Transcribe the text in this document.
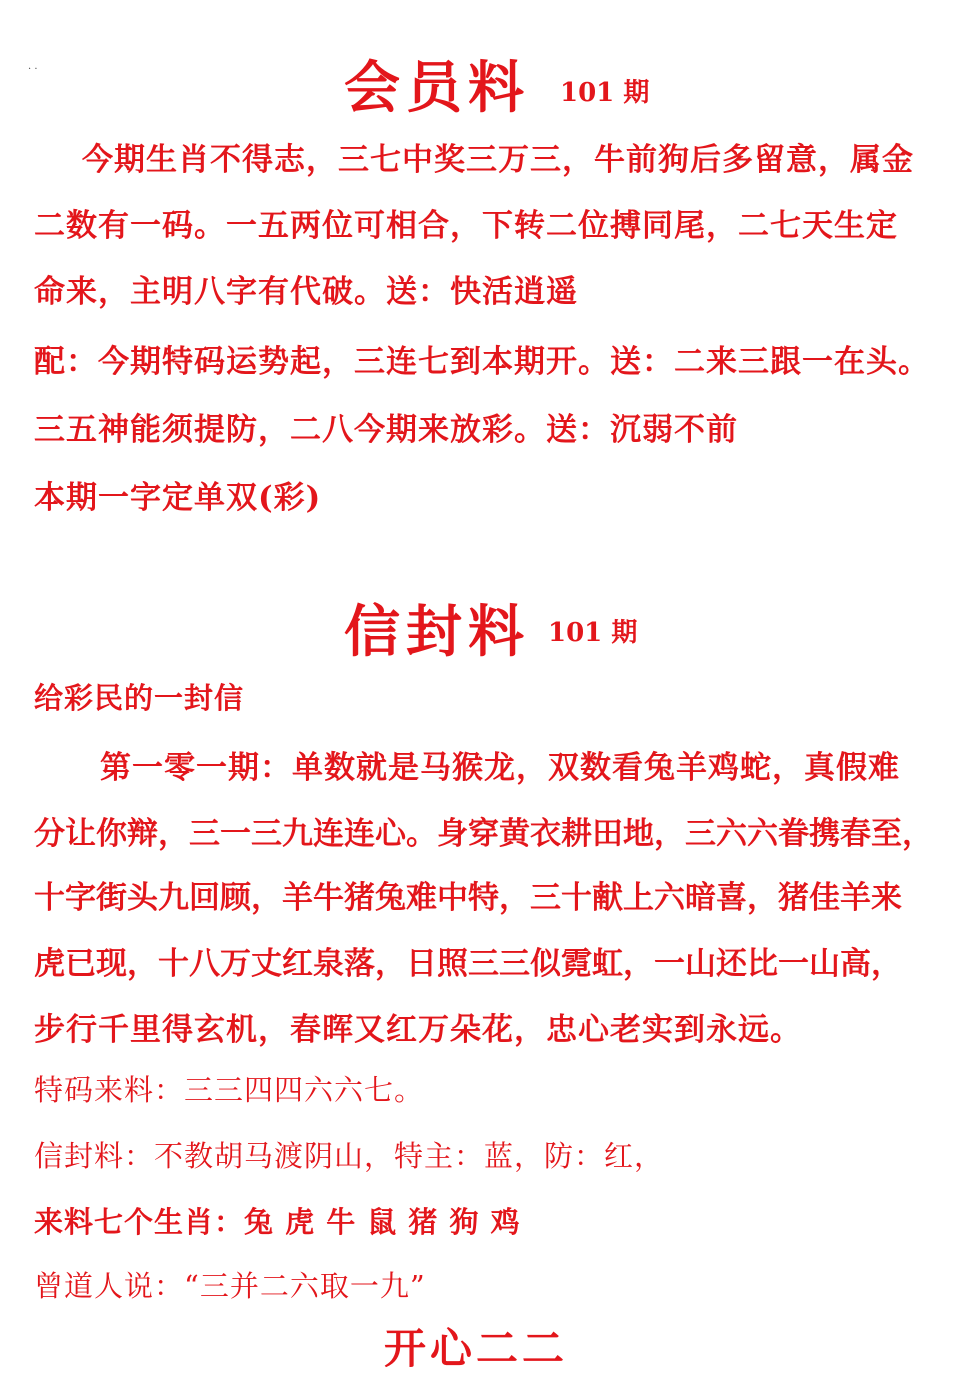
· ·	会员料 101 期
今期生肖不得志，三七中奖三万三，牛前狗后多留意，属金
二数有一码。一五两位可相合，下转二位搏同尾，二七天生定
命来，主明八字有代破。送：快活逍遥
配：今期特码运势起，三连七到本期开。送：二来三跟一在头。
三五神能须提防，二八今期来放彩。送：沉弱不前
本期一字定单双(彩)
信封料 101 期
给彩民的一封信
第一零一期：单数就是马猴龙，双数看兔羊鸡蛇，真假难
分让你辩，三一三九连连心。身穿黄衣耕田地，三六六眷携春至，
十字街头九回顾，羊牛猪兔难中特，三十献上六暗喜，猪佳羊来
虎已现，十八万丈红泉落，日照三三似霓虹，一山还比一山高，
步行千里得玄机，春晖又红万朵花，忠心老实到永远。
特码来料：三三四四六六七。
信封料：不教胡马渡阴山，特主：蓝，防：红，
来料七个生肖：兔 虎 牛 鼠 猪 狗 鸡
曾道人说：“三并二六取一九”
开心二二
